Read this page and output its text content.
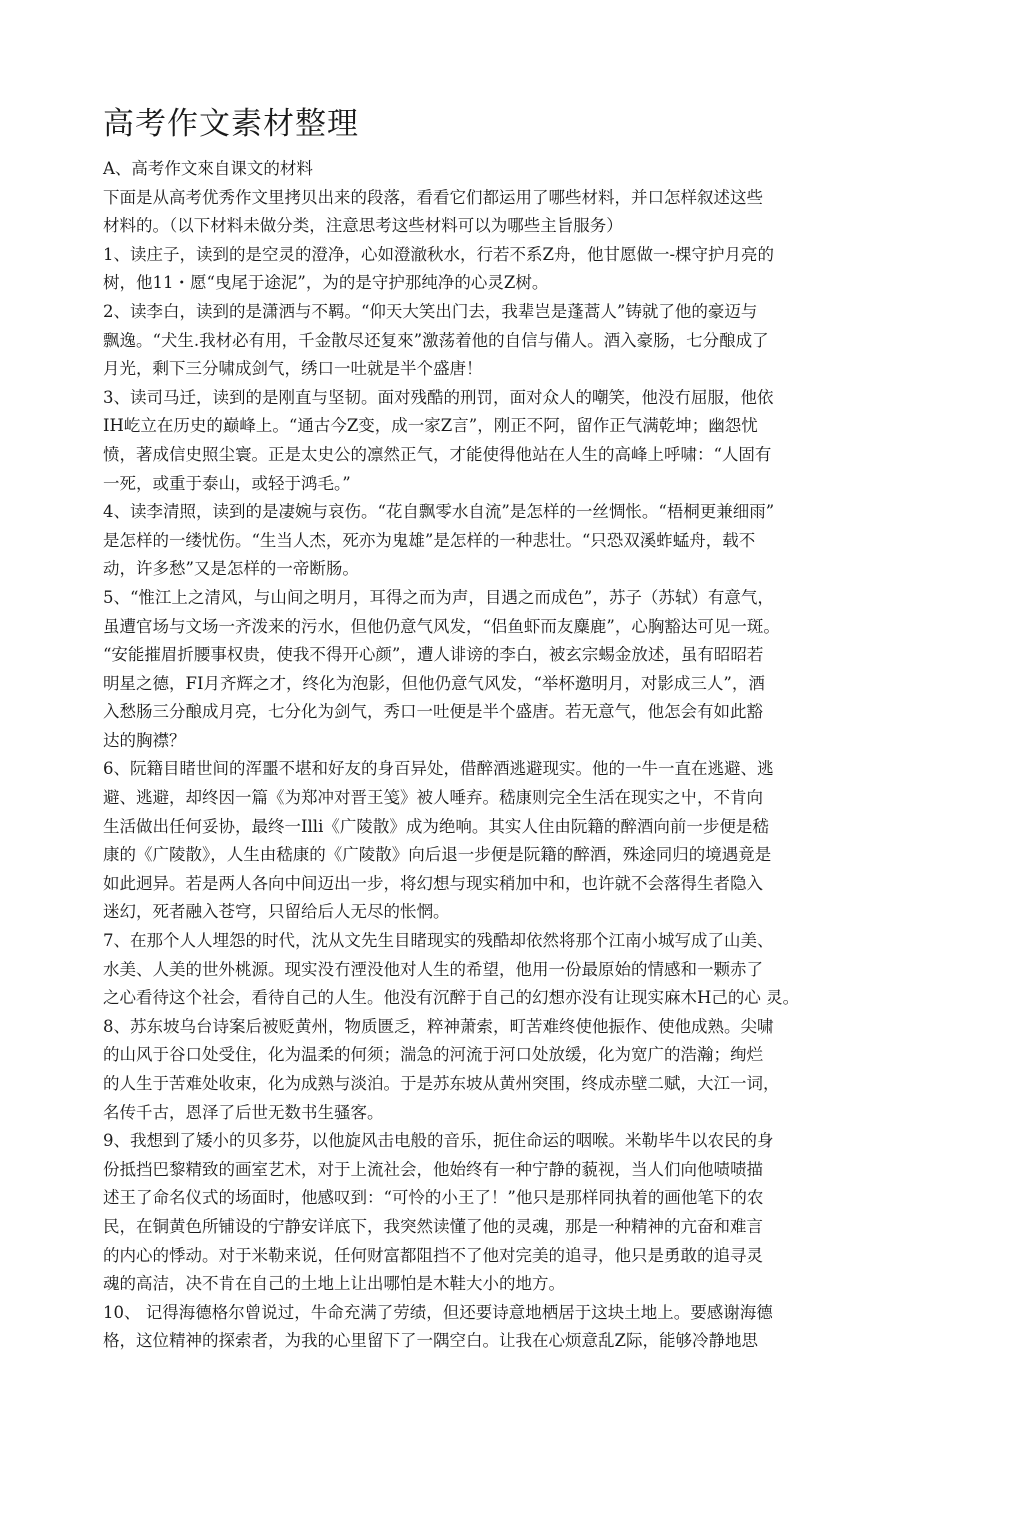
高考作文素材整理
A、高考作文來自课文的材料
下面是从高考优秀作文里拷贝出来的段落，看看它们都运用了哪些材料，并口怎样叙述这些
材料的。（以下材料未做分类，注意思考这些材料可以为哪些主旨服务）
1、读庄子，读到的是空灵的澄净，心如澄澈秋水，行若不系Z舟，他甘愿做一-棵守护月亮的
树，他11・愿“曳尾于途泥”，为的是守护那纯净的心灵Z树。
2、读李白，读到的是潇洒与不羁。“仰天大笑出门去，我辈岂是蓬蒿人”铸就了他的豪迈与
飘逸。“犬生.我材必有用，千金散尽还复來”激荡着他的自信与備人。酒入豪肠，七分酿成了
月光，剩下三分啸成剑气，绣口一吐就是半个盛唐！
3、读司马迁，读到的是刚直与坚韧。面对残酷的刑罚，面对众人的嘲笑，他没冇屈服，他依
IH屹立在历史的巅峰上。“通古今Z变，成一家Z言”，刚正不阿，留作正气满乾坤；幽怨忧
愤，著成信史照尘寰。正是太史公的凛然正气，才能使得他站在人生的高峰上呼啸：“人固有
一死，或重于泰山，或轻于鸿毛。”
4、读李清照，读到的是凄婉与哀伤。“花自飘零水自流”是怎样的一丝惆怅。“梧桐更兼细雨”
是怎样的一缕忧伤。“生当人杰，死亦为鬼雄”是怎样的一种悲壮。“只恐双溪蚱蜢舟，载不
动，许多愁”又是怎样的一帝断肠。
5、“惟江上之清风，与山间之明月，耳得之而为声，目遇之而成色”，苏子（苏轼）有意气，
虽遭官场与文场一齐泼来的污水，但他仍意气风发，“侣鱼虾而友麋鹿”，心胸豁达可见一斑。
“安能摧眉折腰事权贵，使我不得开心颜”，遭人诽谤的李白，被玄宗蜴金放述，虽有昭昭若
明星之德，FI月齐辉之才，终化为泡影，但他仍意气风发，“举杯邀明月，对影成三人”，酒
入愁肠三分酿成月亮，七分化为剑气，秀口一吐便是半个盛唐。若无意气，他怎会有如此豁
达的胸襟？
6、阮籍目睹世间的浑噩不堪和好友的身百异处，借醉酒逃避现实。他的一牛一直在逃避、逃
避、逃避，却终因一篇《为郑冲对晋王笺》被人唾弃。嵇康则完全生活在现实之屮，不肯向
生活做出任何妥协，最终一Illi《广陵散》成为绝响。其实人住由阮籍的醉酒向前一步便是嵇
康的《广陵散》，人生由嵇康的《广陵散》向后退一步便是阮籍的醉酒，殊途同归的境遇竟是
如此迥异。若是两人各向中间迈出一步，将幻想与现实稍加中和，也许就不会落得生者隐入
迷幻，死者融入苍穹，只留给后人无尽的怅惘。
7、在那个人人埋怨的时代，沈从文先生目睹现实的残酷却依然将那个江南小城写成了山美、
水美、人美的世外桃源。现实没冇湮没他对人生的希望，他用一份最原始的情感和一颗赤了
之心看待这个社会，看待自己的人生。他没有沉醉于自己的幻想亦没有让现实麻木H己的心 灵。
8、苏东坡乌台诗案后被贬黄州，物质匮乏，粹神萧索，町苦难终使他振作、使他成熟。尖啸
的山风于谷口处受住，化为温柔的何须；湍急的河流于河口处放缓，化为宽广的浩瀚；绚烂
的人生于苦难处收束，化为成熟与淡泊。于是苏东坡从黄州突围，终成赤壁二赋，大江一词，
名传千古，恩泽了后世无数书生骚客。
9、我想到了矮小的贝多芬，以他旋风击电般的音乐，扼住命运的咽喉。米勒毕牛以农民的身
份抵挡巴黎精致的画室艺术，对于上流社会，他始终有一种宁静的藐视，当人们向他啧啧描
述王了命名仪式的场面时，他感叹到：“可怜的小王了！”他只是那样同执着的画他笔下的农
民，在铜黄色所铺设的宁静安详底下，我突然读懂了他的灵魂，那是一种精神的亢奋和难言
的内心的悸动。对于米勒来说，任何财富都阻挡不了他对完美的追寻，他只是勇敢的追寻灵
魂的高洁，决不肯在自己的土地上让出哪怕是木鞋大小的地方。
10、 记得海德格尔曾说过，牛命充满了劳绩，但还要诗意地栖居于这块土地上。要感谢海德
格，这位精神的探索者，为我的心里留下了一隅空白。让我在心烦意乱Z际，能够冷静地思
